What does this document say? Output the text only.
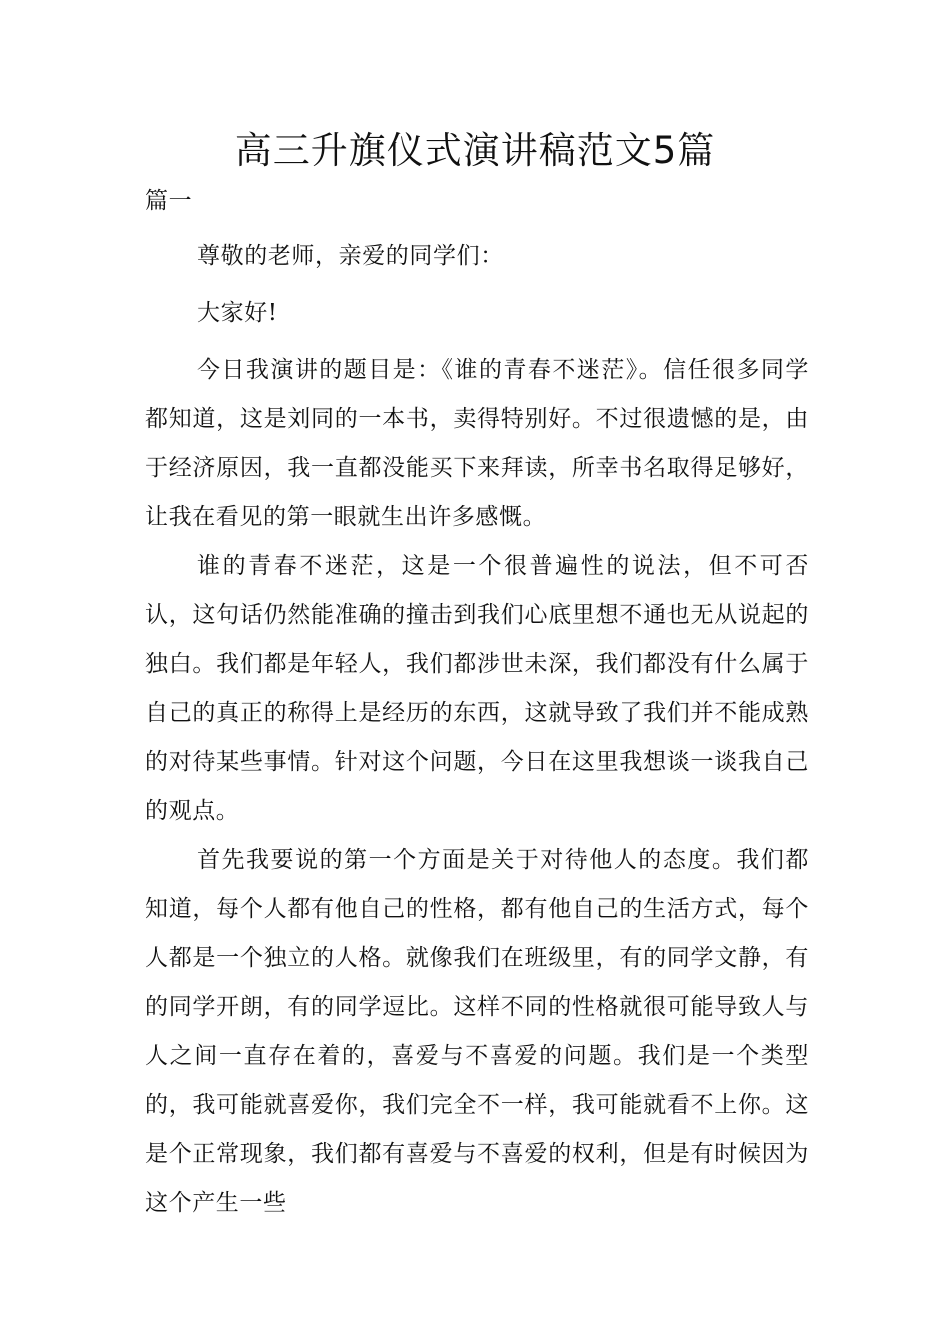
高三升旗仪式演讲稿范文5篇

篇一

尊敬的老师，亲爱的同学们：

大家好!

今日我演讲的题目是：《谁的青春不迷茫》。信任很多同学都知道，这是刘同的一本书，卖得特别好。不过很遗憾的是，由于经济原因，我一直都没能买下来拜读，所幸书名取得足够好，让我在看见的第一眼就生出许多感慨。

谁的青春不迷茫，这是一个很普遍性的说法，但不可否认，这句话仍然能准确的撞击到我们心底里想不通也无从说起的独白。我们都是年轻人，我们都涉世未深，我们都没有什么属于自己的真正的称得上是经历的东西，这就导致了我们并不能成熟的对待某些事情。针对这个问题，今日在这里我想谈一谈我自己的观点。

首先我要说的第一个方面是关于对待他人的态度。我们都知道，每个人都有他自己的性格，都有他自己的生活方式，每个人都是一个独立的人格。就像我们在班级里，有的同学文静，有的同学开朗，有的同学逗比。这样不同的性格就很可能导致人与人之间一直存在着的，喜爱与不喜爱的问题。我们是一个类型的，我可能就喜爱你，我们完全不一样，我可能就看不上你。这是个正常现象，我们都有喜爱与不喜爱的权利，但是有时候因为这个产生一些
